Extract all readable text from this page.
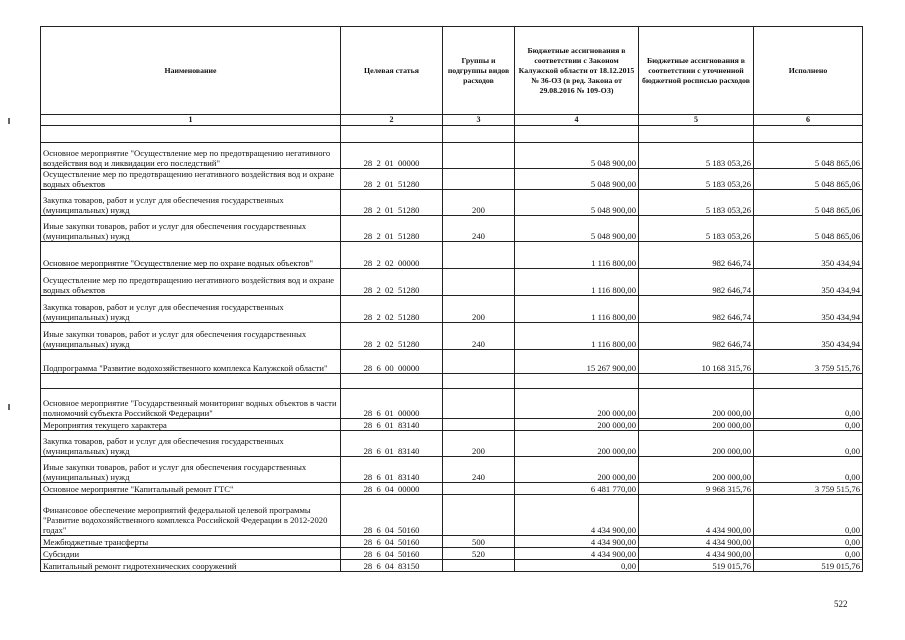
Наименование	Целевая статья	Группы и подгруппы видов расходов	Бюджетные ассигнования в соответствии с Законом Калужской области от 18.12.2015 № 36-ОЗ (в ред. Закона от 29.08.2016 № 109-ОЗ)	Бюджетные ассигнования в соответствии с уточненной бюджетной росписью расходов	Исполнено
1	2	3	4	5	6

Основное мероприятие "Осуществление мер по предотвращению негативного воздействия вод и ликвидации его последствий"	28  2  01  00000		5 048 900,00	5 183 053,26	5 048 865,06
Осуществление мер по предотвращению негативного воздействия вод и охране водных объектов	28  2  01  51280		5 048 900,00	5 183 053,26	5 048 865,06
Закупка товаров, работ и услуг для обеспечения государственных (муниципальных) нужд	28  2  01  51280	200	5 048 900,00	5 183 053,26	5 048 865,06
Иные закупки товаров, работ и услуг для обеспечения государственных (муниципальных) нужд	28  2  01  51280	240	5 048 900,00	5 183 053,26	5 048 865,06
Основное мероприятие "Осуществление мер по охране водных объектов"	28  2  02  00000		1 116 800,00	982 646,74	350 434,94
Осуществление мер по предотвращению негативного воздействия вод и охране водных объектов	28  2  02  51280		1 116 800,00	982 646,74	350 434,94
Закупка товаров, работ и услуг для обеспечения государственных (муниципальных) нужд	28  2  02  51280	200	1 116 800,00	982 646,74	350 434,94
Иные закупки товаров, работ и услуг для обеспечения государственных (муниципальных) нужд	28  2  02  51280	240	1 116 800,00	982 646,74	350 434,94
Подпрограмма "Развитие водохозяйственного комплекса Калужской области"	28  6  00  00000		15 267 900,00	10 168 315,76	3 759 515,76

Основное мероприятие "Государственный мониторинг водных объектов в части полномочий субъекта Российской Федерации"	28  6  01  00000		200 000,00	200 000,00	0,00
Мероприятия текущего характера	28  6  01  83140		200 000,00	200 000,00	0,00
Закупка товаров, работ и услуг для обеспечения государственных (муниципальных) нужд	28  6  01  83140	200	200 000,00	200 000,00	0,00
Иные закупки товаров, работ и услуг для обеспечения государственных (муниципальных) нужд	28  6  01  83140	240	200 000,00	200 000,00	0,00
Основное мероприятие "Капитальный ремонт ГТС"	28  6  04  00000		6 481 770,00	9 968 315,76	3 759 515,76
Финансовое обеспечение мероприятий федеральной целевой программы "Развитие водохозяйственного комплекса Российской Федерации в 2012-2020 годах"	28  6  04  50160		4 434 900,00	4 434 900,00	0,00
Межбюджетные трансферты	28  6  04  50160	500	4 434 900,00	4 434 900,00	0,00
Субсидии	28  6  04  50160	520	4 434 900,00	4 434 900,00	0,00
Капитальный ремонт гидротехнических сооружений	28  6  04  83150		0,00	519 015,76	519 015,76
522
